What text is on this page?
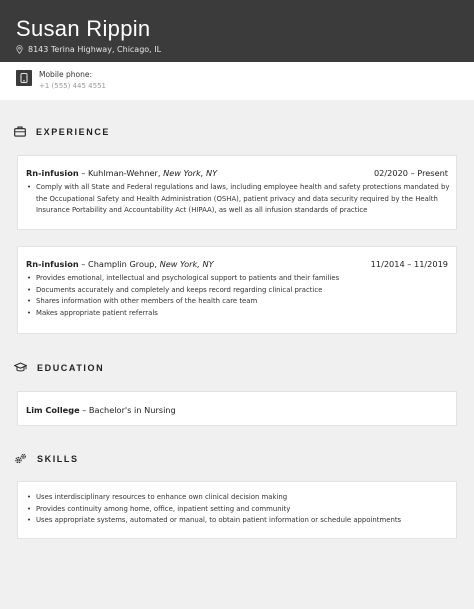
Susan Rippin
8143 Terina Highway, Chicago, IL
Mobile phone:
+1 (555) 445 4551
EXPERIENCE
Rn-infusion – Kuhlman-Wehner, New York, NY	02/2020 – Present
• Comply with all State and Federal regulations and laws, including employee health and safety protections mandated by the Occupational Safety and Health Administration (OSHA), patient privacy and data security required by the Health Insurance Portability and Accountability Act (HIPAA), as well as all infusion standards of practice
Rn-infusion – Champlin Group, New York, NY	11/2014 – 11/2019
• Provides emotional, intellectual and psychological support to patients and their families
• Documents accurately and completely and keeps record regarding clinical practice
• Shares information with other members of the health care team
• Makes appropriate patient referrals
EDUCATION
Lim College – Bachelor's in Nursing
SKILLS
• Uses interdisciplinary resources to enhance own clinical decision making
• Provides continuity among home, office, inpatient setting and community
• Uses appropriate systems, automated or manual, to obtain patient information or schedule appointments
